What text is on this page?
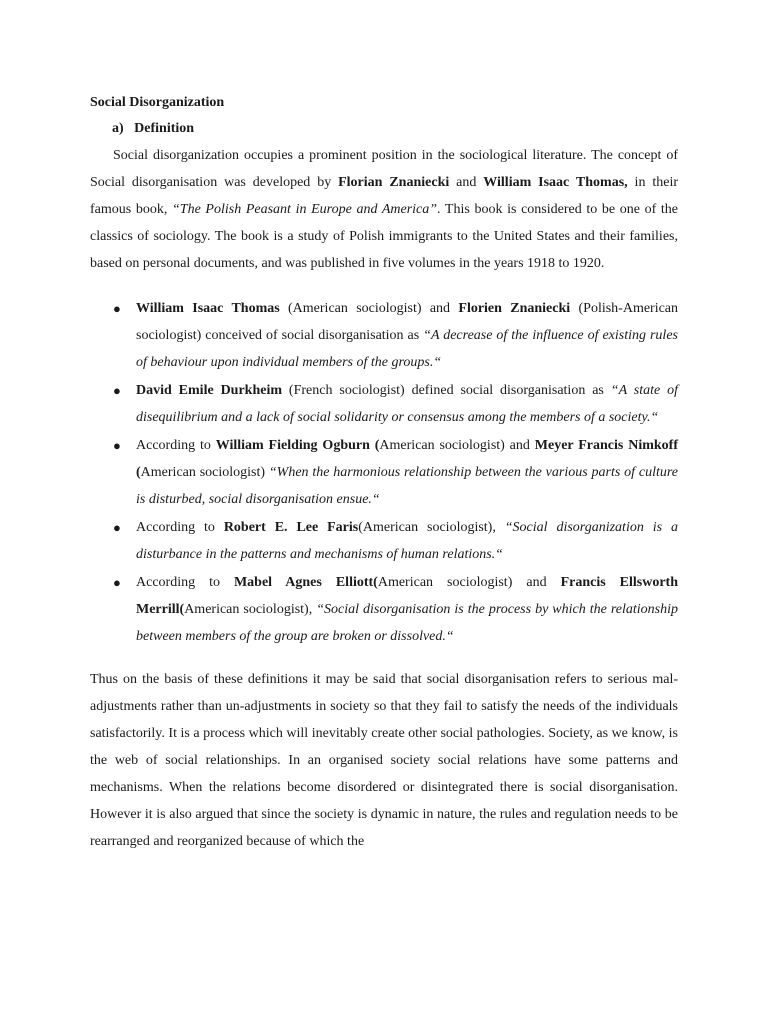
Social Disorganization

a)   Definition

Social disorganization occupies a prominent position in the sociological literature. The concept of Social disorganisation was developed by Florian Znaniecki and William Isaac Thomas, in their famous book, “The Polish Peasant in Europe and America”. This book is considered to be one of the classics of sociology. The book is a study of Polish immigrants to the United States and their families, based on personal documents, and was published in five volumes in the years 1918 to 1920.

● William Isaac Thomas (American sociologist) and Florien Znaniecki (Polish-American sociologist) conceived of social disorganisation as “A decrease of the influence of existing rules of behaviour upon individual members of the groups.“
● David Emile Durkheim (French sociologist) defined social disorganisation as “A state of disequilibrium and a lack of social solidarity or consensus among the members of a society.“
● According to William Fielding Ogburn (American sociologist) and Meyer Francis Nimkoff (American sociologist) “When the harmonious relationship between the various parts of culture is disturbed, social disorganisation ensue.“
● According to Robert E. Lee Faris(American sociologist), “Social disorganization is a disturbance in the patterns and mechanisms of human relations.“
● According to Mabel Agnes Elliott(American sociologist) and Francis Ellsworth Merrill(American sociologist), “Social disorganisation is the process by which the relationship between members of the group are broken or dissolved.“

Thus on the basis of these definitions it may be said that social disorganisation refers to serious mal-adjustments rather than un-adjustments in society so that they fail to satisfy the needs of the individuals satisfactorily. It is a process which will inevitably create other social pathologies. Society, as we know, is the web of social relationships. In an organised society social relations have some patterns and mechanisms. When the relations become disordered or disintegrated there is social disorganisation. However it is also argued that since the society is dynamic in nature, the rules and regulation needs to be rearranged and reorganized because of which the
